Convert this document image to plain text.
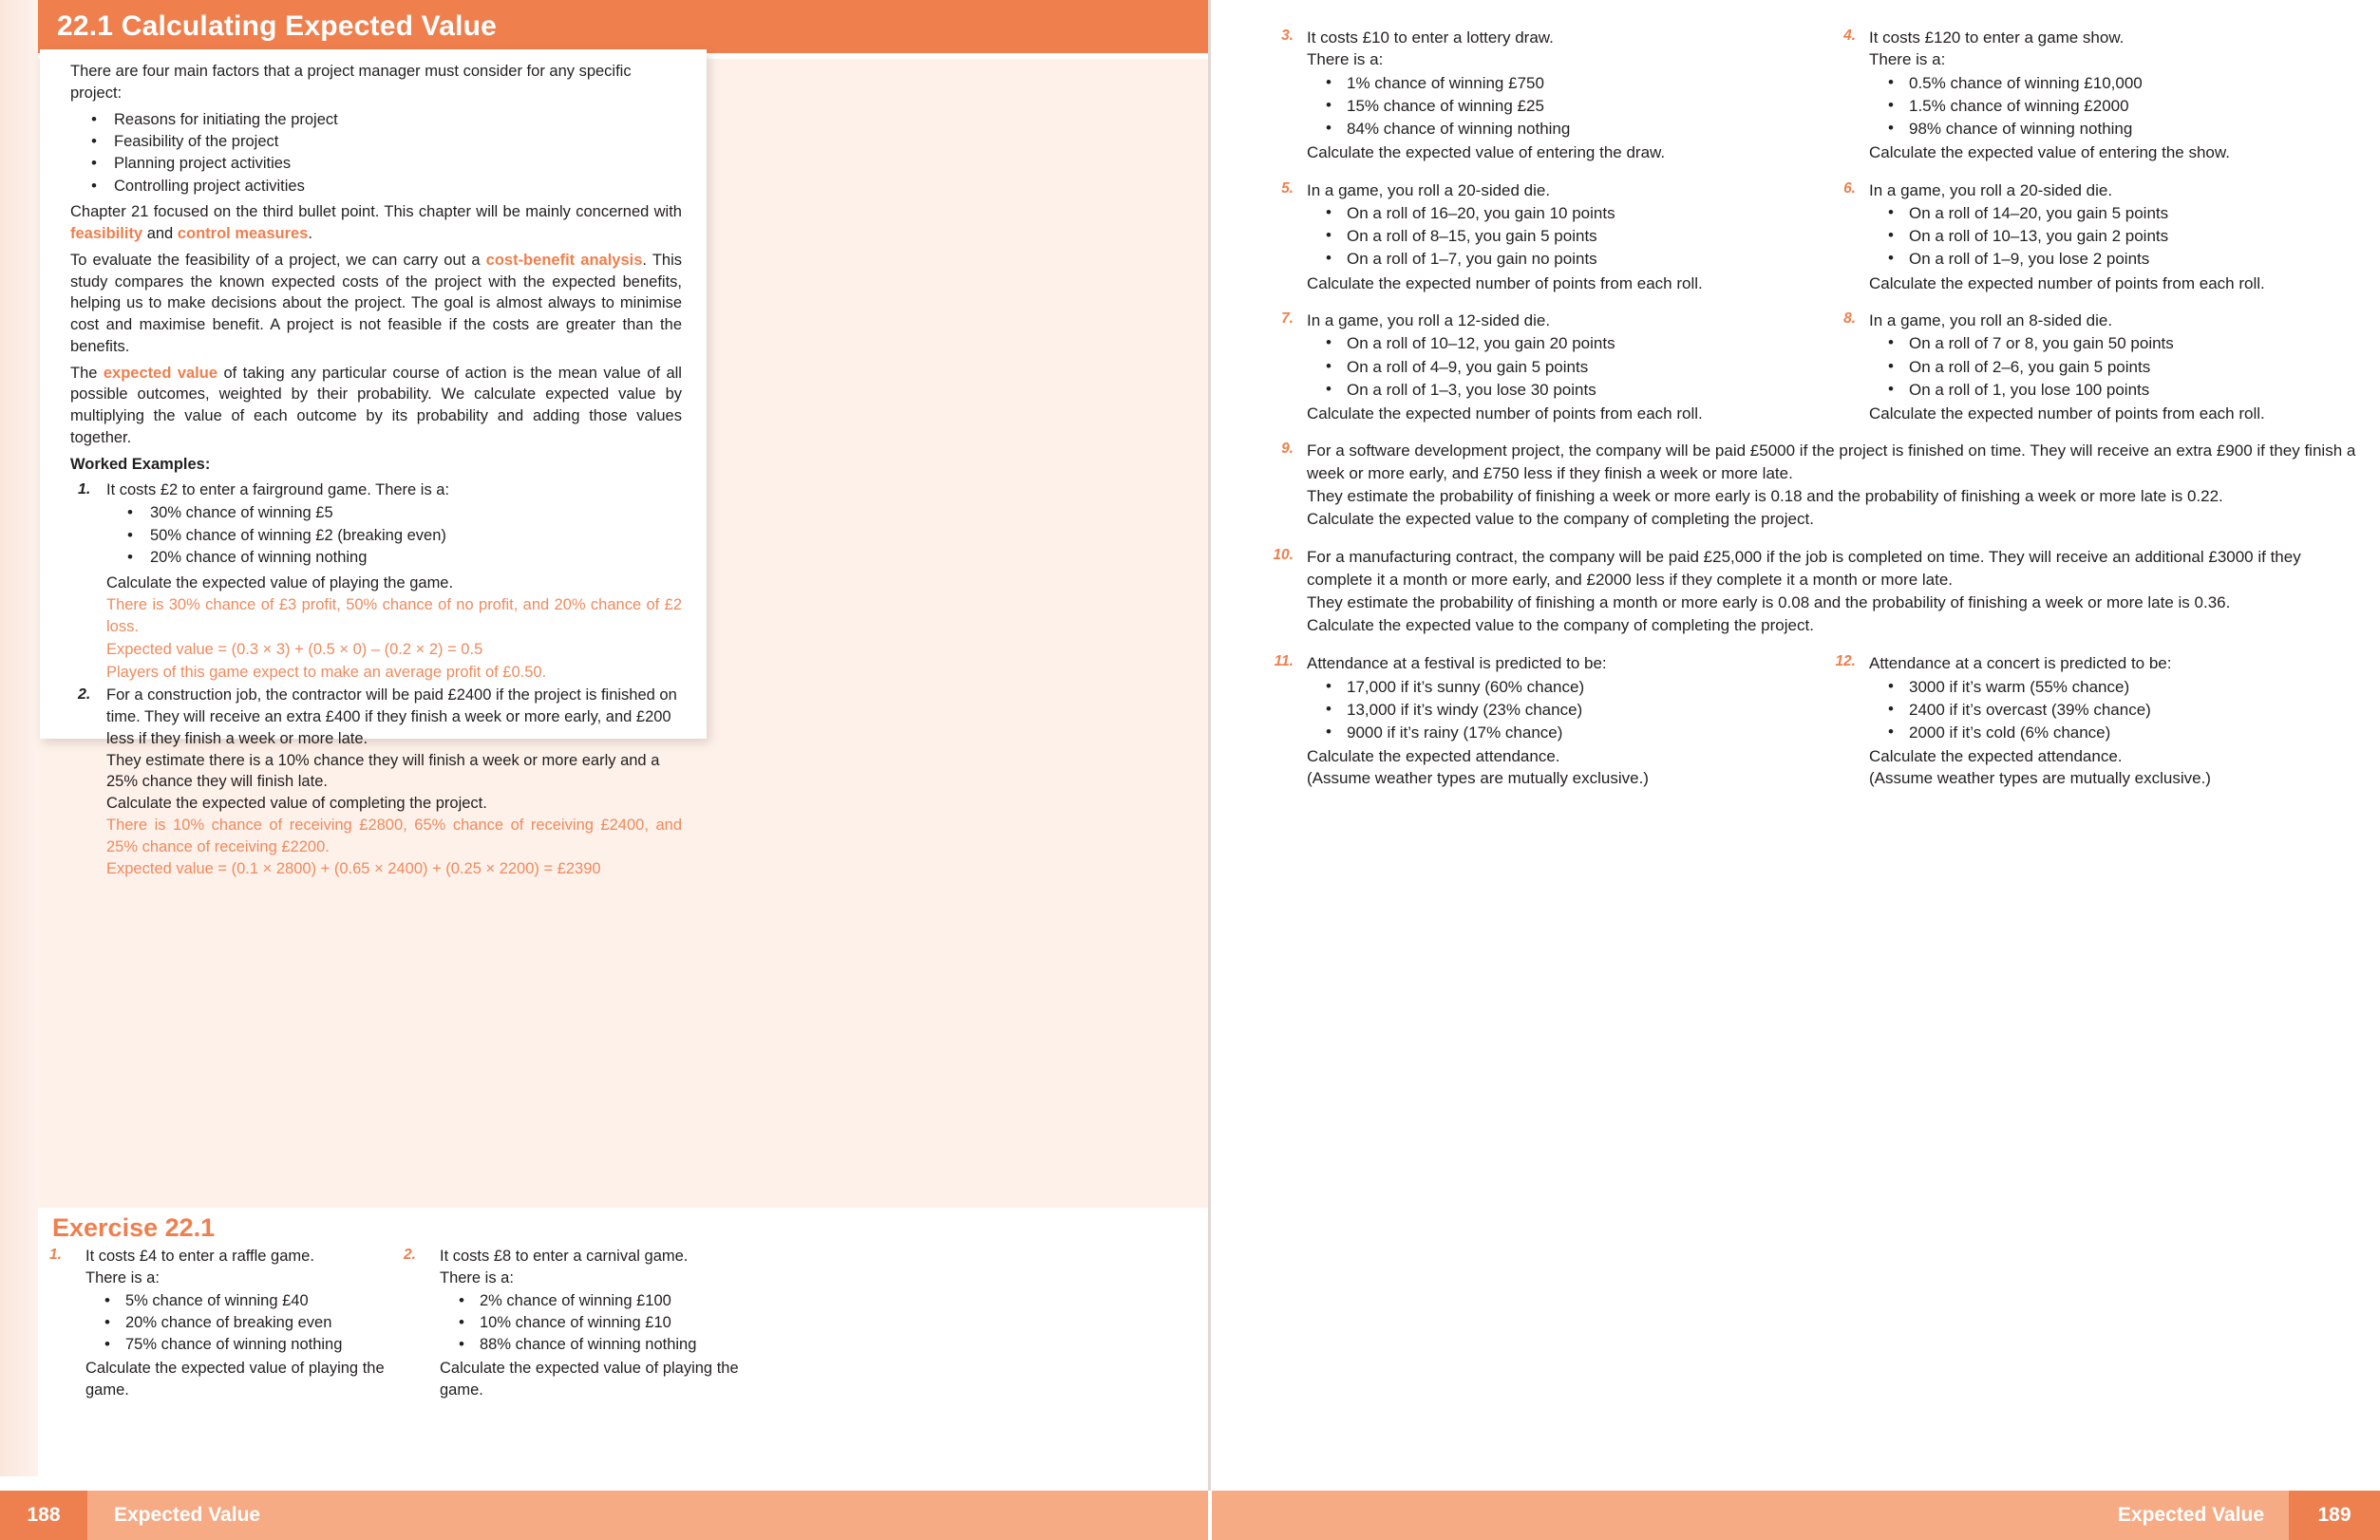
22.1 Calculating Expected Value

There are four main factors that a project manager must consider for any specific project:

• Reasons for initiating the project
• Feasibility of the project
• Planning project activities
• Controlling project activities

Chapter 21 focused on the third bullet point. This chapter will be mainly concerned with feasibility and control measures.

To evaluate the feasibility of a project, we can carry out a cost-benefit analysis. This study compares the known expected costs of the project with the expected benefits, helping us to make decisions about the project. The goal is almost always to minimise cost and maximise benefit. A project is not feasible if the costs are greater than the benefits.

The expected value of taking any particular course of action is the mean value of all possible outcomes, weighted by their probability. We calculate expected value by multiplying the value of each outcome by its probability and adding those values together.

Worked Examples:

1. It costs £2 to enter a fairground game. There is a:
• 30% chance of winning £5
• 50% chance of winning £2 (breaking even)
• 20% chance of winning nothing
Calculate the expected value of playing the game.

There is 30% chance of £3 profit, 50% chance of no profit, and 20% chance of £2 loss.

Expected value = (0.3 × 3) + (0.5 × 0) – (0.2 × 2) = 0.5

Players of this game expect to make an average profit of £0.50.

2. For a construction job, the contractor will be paid £2400 if the project is finished on time. They will receive an extra £400 if they finish a week or more early, and £200 less if they finish a week or more late.
They estimate there is a 10% chance they will finish a week or more early and a 25% chance they will finish late.
Calculate the expected value of completing the project.

There is 10% chance of receiving £2800, 65% chance of receiving £2400, and 25% chance of receiving £2200.

Expected value = (0.1 × 2800) + (0.65 × 2400) + (0.25 × 2200) = £2390

Exercise 22.1
1. It costs £4 to enter a raffle game.
There is a:
• 5% chance of winning £40
• 20% chance of breaking even
• 75% chance of winning nothing
Calculate the expected value of playing the game.
2. It costs £8 to enter a carnival game.
There is a:
• 2% chance of winning £100
• 10% chance of winning £10
• 88% chance of winning nothing
Calculate the expected value of playing the game.
188	Expected Value
3. It costs £10 to enter a lottery draw.
There is a:
• 1% chance of winning £750
• 15% chance of winning £25
• 84% chance of winning nothing
Calculate the expected value of entering the draw.
4. It costs £120 to enter a game show.
There is a:
• 0.5% chance of winning £10,000
• 1.5% chance of winning £2000
• 98% chance of winning nothing
Calculate the expected value of entering the show.
5. In a game, you roll a 20-sided die.
• On a roll of 16–20, you gain 10 points
• On a roll of 8–15, you gain 5 points
• On a roll of 1–7, you gain no points
Calculate the expected number of points from each roll.
6. In a game, you roll a 20-sided die.
• On a roll of 14–20, you gain 5 points
• On a roll of 10–13, you gain 2 points
• On a roll of 1–9, you lose 2 points
Calculate the expected number of points from each roll.
7. In a game, you roll a 12-sided die.
• On a roll of 10–12, you gain 20 points
• On a roll of 4–9, you gain 5 points
• On a roll of 1–3, you lose 30 points
Calculate the expected number of points from each roll.
8. In a game, you roll an 8-sided die.
• On a roll of 7 or 8, you gain 50 points
• On a roll of 2–6, you gain 5 points
• On a roll of 1, you lose 100 points
Calculate the expected number of points from each roll.
9. For a software development project, the company will be paid £5000 if the project is finished on time. They will receive an extra £900 if they finish a week or more early, and £750 less if they finish a week or more late.
They estimate the probability of finishing a week or more early is 0.18 and the probability of finishing a week or more late is 0.22.
Calculate the expected value to the company of completing the project.
10. For a manufacturing contract, the company will be paid £25,000 if the job is completed on time. They will receive an additional £3000 if they complete it a month or more early, and £2000 less if they complete it a month or more late.
They estimate the probability of finishing a month or more early is 0.08 and the probability of finishing a week or more late is 0.36.
Calculate the expected value to the company of completing the project.
11. Attendance at a festival is predicted to be:
• 17,000 if it’s sunny (60% chance)
• 13,000 if it’s windy (23% chance)
• 9000 if it’s rainy (17% chance)
Calculate the expected attendance.
(Assume weather types are mutually exclusive.)
12. Attendance at a concert is predicted to be:
• 3000 if it’s warm (55% chance)
• 2400 if it’s overcast (39% chance)
• 2000 if it’s cold (6% chance)
Calculate the expected attendance.
(Assume weather types are mutually exclusive.)
Expected Value	189
